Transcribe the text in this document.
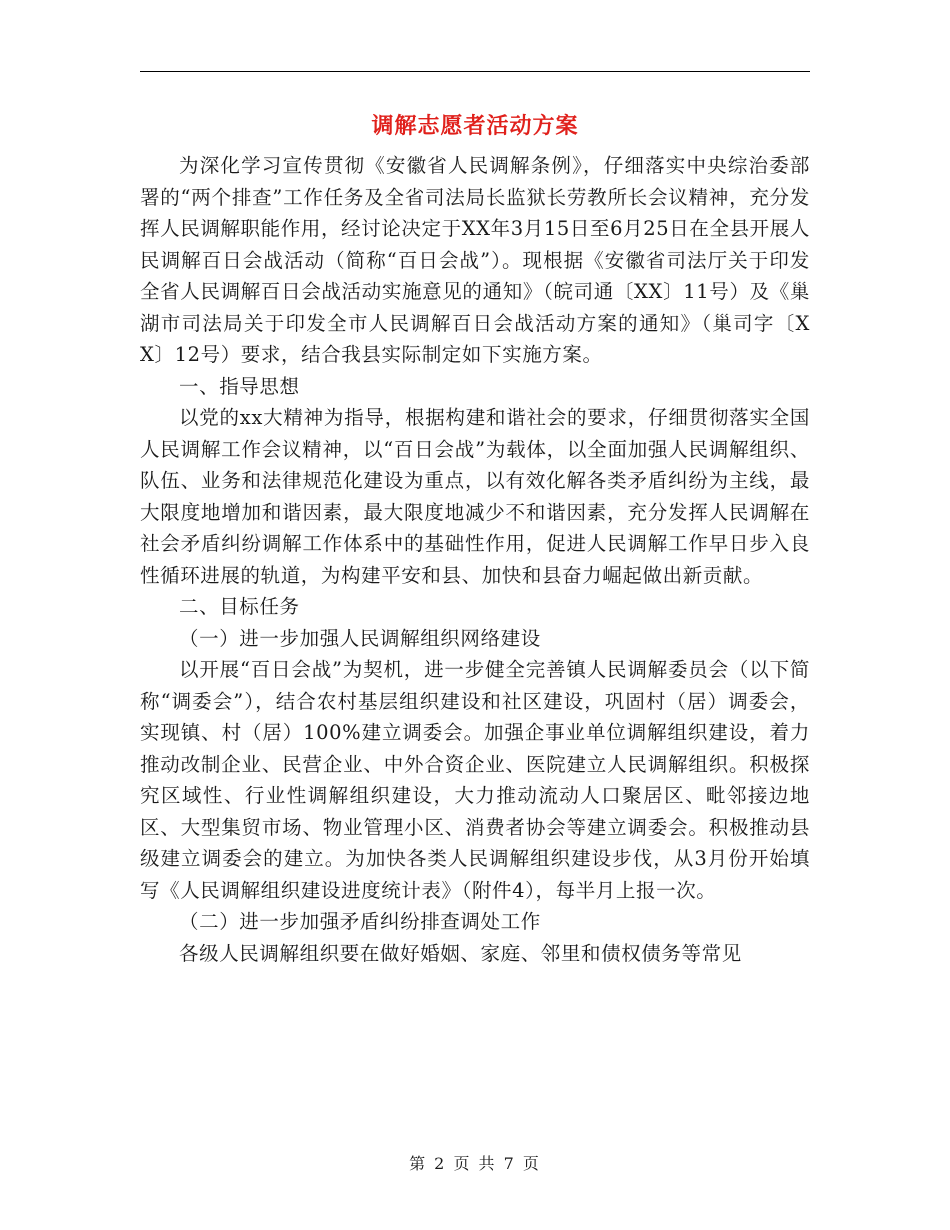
调解志愿者活动方案

为深化学习宣传贯彻《安徽省人民调解条例》，仔细落实中央综治委部署的“两个排查”工作任务及全省司法局长监狱长劳教所长会议精神，充分发挥人民调解职能作用，经讨论决定于XX年3月15日至6月25日在全县开展人民调解百日会战活动（简称“百日会战”）。现根据《安徽省司法厅关于印发全省人民调解百日会战活动实施意见的通知》（皖司通〔XX〕11号）及《巢湖市司法局关于印发全市人民调解百日会战活动方案的通知》（巢司字〔XX〕12号）要求，结合我县实际制定如下实施方案。

一、指导思想

以党的xx大精神为指导，根据构建和谐社会的要求，仔细贯彻落实全国人民调解工作会议精神，以“百日会战”为载体，以全面加强人民调解组织、队伍、业务和法律规范化建设为重点，以有效化解各类矛盾纠纷为主线，最大限度地增加和谐因素，最大限度地减少不和谐因素，充分发挥人民调解在社会矛盾纠纷调解工作体系中的基础性作用，促进人民调解工作早日步入良性循环进展的轨道，为构建平安和县、加快和县奋力崛起做出新贡献。

二、目标任务

（一）进一步加强人民调解组织网络建设

以开展“百日会战”为契机，进一步健全完善镇人民调解委员会（以下简称“调委会”），结合农村基层组织建设和社区建设，巩固村（居）调委会，实现镇、村（居）100%建立调委会。加强企事业单位调解组织建设，着力推动改制企业、民营企业、中外合资企业、医院建立人民调解组织。积极探究区域性、行业性调解组织建设，大力推动流动人口聚居区、毗邻接边地区、大型集贸市场、物业管理小区、消费者协会等建立调委会。积极推动县级建立调委会的建立。为加快各类人民调解组织建设步伐，从3月份开始填写《人民调解组织建设进度统计表》（附件4），每半月上报一次。

（二）进一步加强矛盾纠纷排查调处工作

各级人民调解组织要在做好婚姻、家庭、邻里和债权债务等常见

第 2 页 共 7 页
